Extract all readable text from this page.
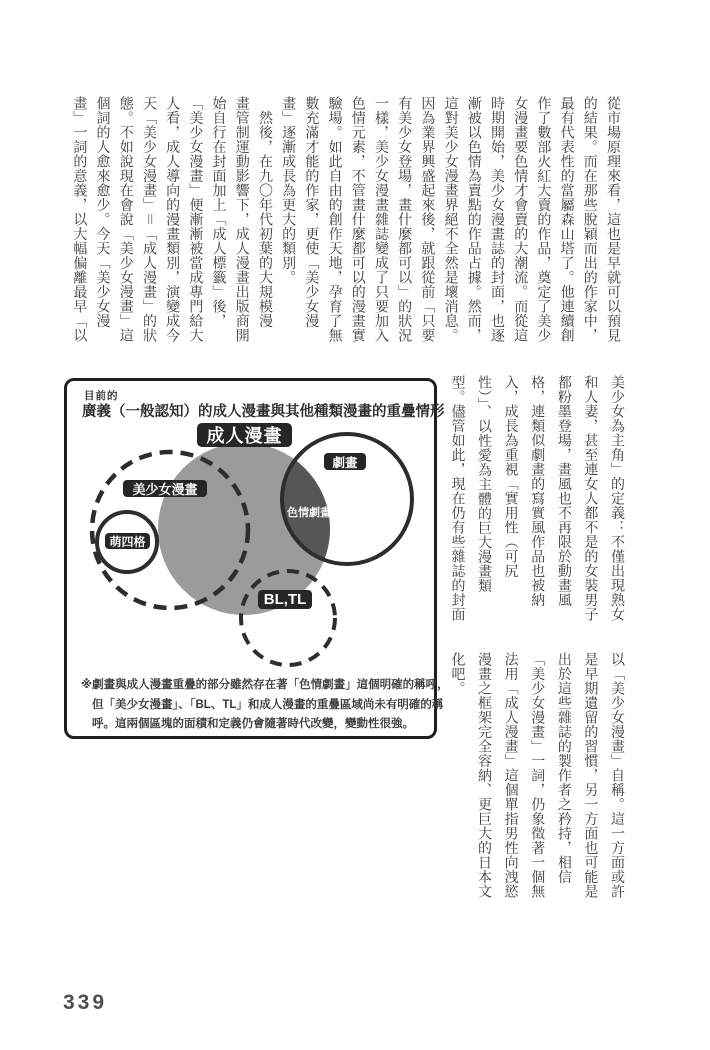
從市場原理來看，這也是早就可以預見
的結果。而在那些脫穎而出的作家中，
最有代表性的當屬森山塔了。他連續創
作了數部火紅大賣的作品，奠定了美少
女漫畫要色情才會賣的大潮流。而從這
時期開始，美少女漫畫誌的封面，也逐
漸被以色情為賣點的作品占據。然而，
這對美少女漫畫界絕不全然是壞消息。
因為業界興盛起來後，就跟從前「只要
有美少女登場，畫什麼都可以」的狀況
一樣，美少女漫畫雜誌變成了只要加入
色情元素，不管畫什麼都可以的漫畫實
驗場。如此自由的創作天地，孕育了無
數充滿才能的作家，更使「美少女漫
畫」逐漸成長為更大的類別。
　然後，在九〇年代初葉的大規模漫
畫管制運動影響下，成人漫畫出版商開
始自行在封面加上「成人標籤」後，
「美少女漫畫」便漸漸被當成專門給大
人看，成人導向的漫畫類別，演變成今
天「美少女漫畫」＝「成人漫畫」的狀
態。不如說現在會說「美少女漫畫」這
個詞的人愈來愈少。今天「美少女漫
畫」一詞的意義，以大幅偏離最早「以
美少女為主角」的定義：不僅出現熟女
和人妻，甚至連女人都不是的女裝男子
都粉墨登場，畫風也不再限於動畫風
格，連類似劇畫的寫實風作品也被納
入，成長為重視「實用性（可尻
性）」、以性愛為主體的巨大漫畫類
型。儘管如此，現在仍有些雜誌的封面
以「美少女漫畫」自稱。這一方面或許
是早期遺留的習慣，另一方面也可能是
出於這些雜誌的製作者之矜持，相信
「美少女漫畫」一詞，仍象徵著一個無
法用「成人漫畫」這個單指男性向洩慾
漫畫之框架完全容納、更巨大的日本文
化吧。
目前的
廣義（一般認知）的成人漫畫與其他種類漫畫的重疊情形
成人漫畫
劇畫
美少女漫畫
萌四格
色情劇畫
BL,TL
※劇畫與成人漫畫重疊的部分雖然存在著「色情劇畫」這個明確的稱呼，
但「美少女漫畫」、「BL、TL」和成人漫畫的重疊區域尚未有明確的稱
呼。這兩個區塊的面積和定義仍會隨著時代改變，變動性很強。
339
